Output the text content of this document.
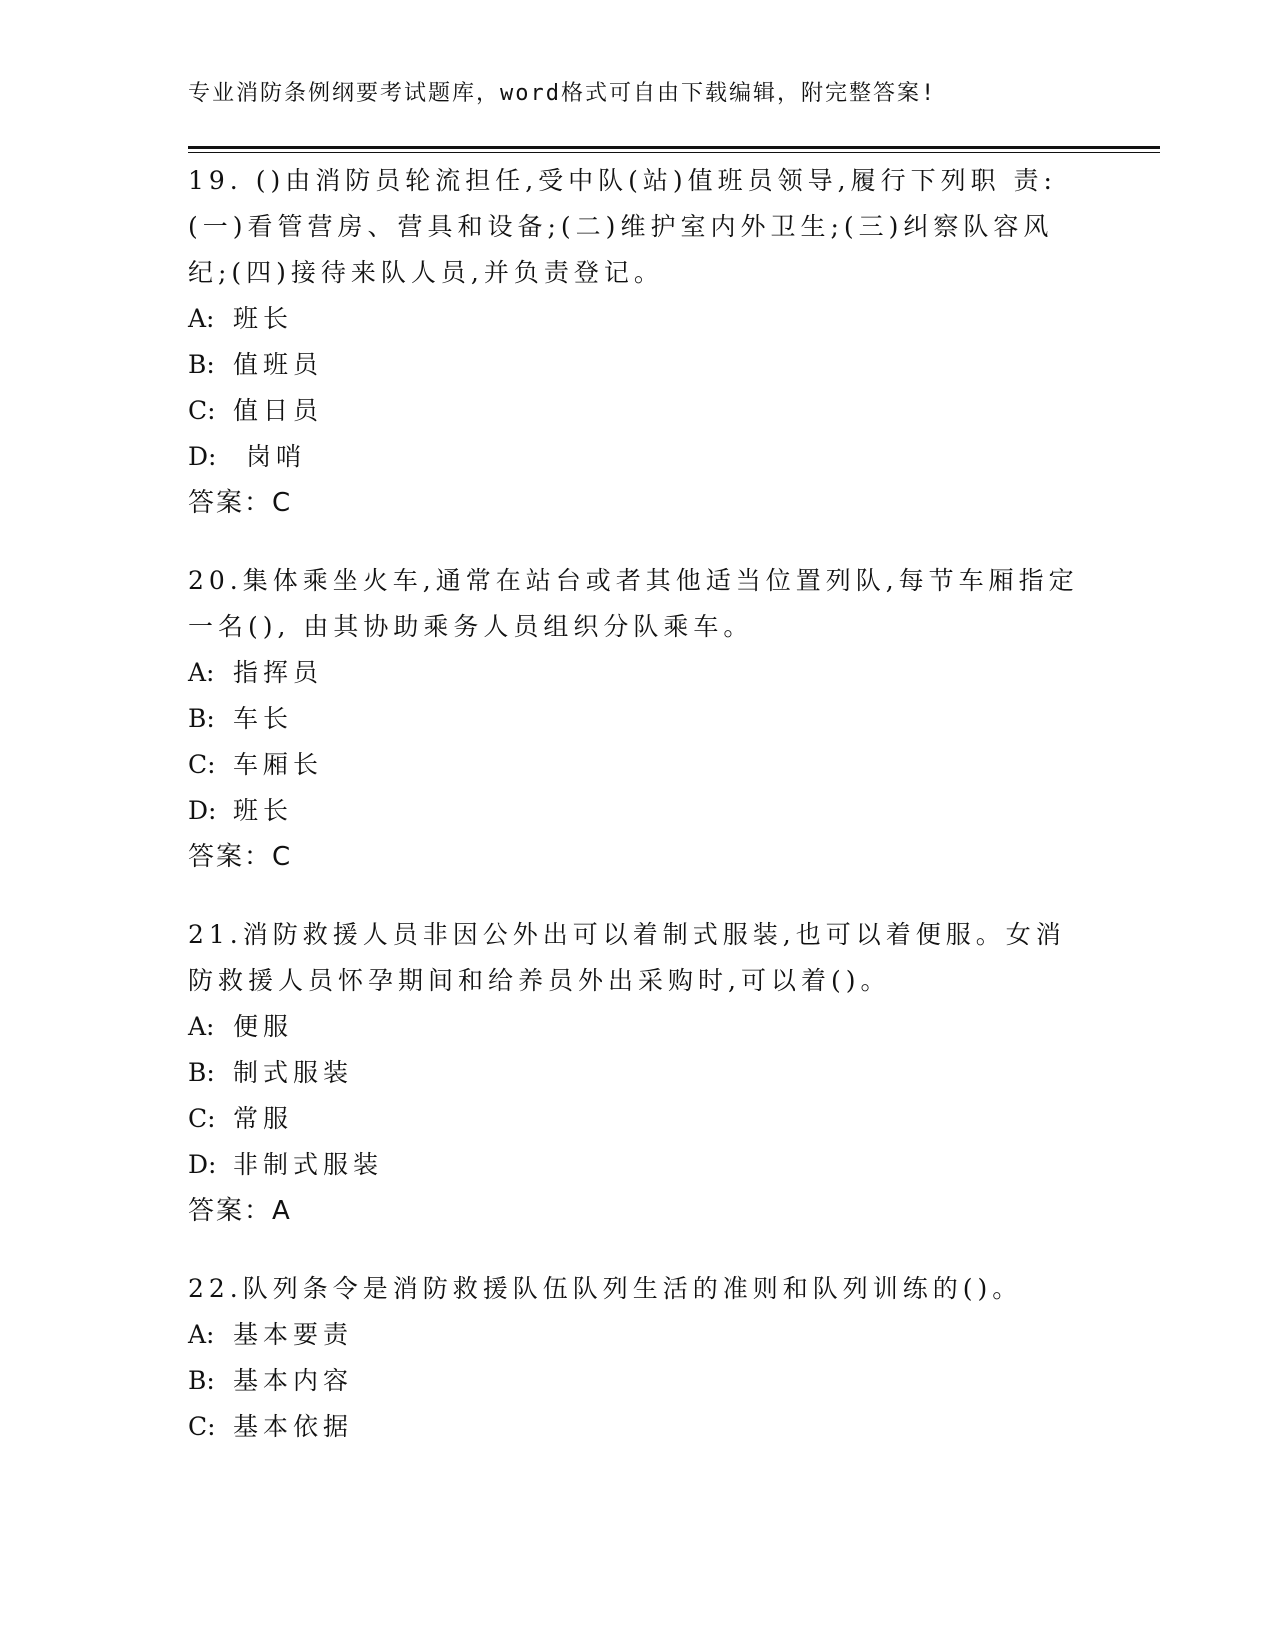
专业消防条例纲要考试题库，word格式可自由下载编辑，附完整答案!

19. ()由消防员轮流担任,受中队(站)值班员领导,履行下列职 责:(一)看管营房、营具和设备;(二)维护室内外卫生;(三)纠察队容风纪;(四)接待来队人员,并负责登记。

A: 班长

B: 值班员

C: 值日员

D: 岗哨

答案：C

20.集体乘坐火车,通常在站台或者其他适当位置列队,每节车厢指定一名(), 由其协助乘务人员组织分队乘车。

A: 指挥员

B: 车长

C: 车厢长

D: 班长

答案：C

21.消防救援人员非因公外出可以着制式服装,也可以着便服。女消防救援人员怀孕期间和给养员外出采购时,可以着()。

A: 便服

B: 制式服装

C: 常服

D: 非制式服装

答案：A

22.队列条令是消防救援队伍队列生活的准则和队列训练的()。

A: 基本要责

B: 基本内容

C: 基本依据
